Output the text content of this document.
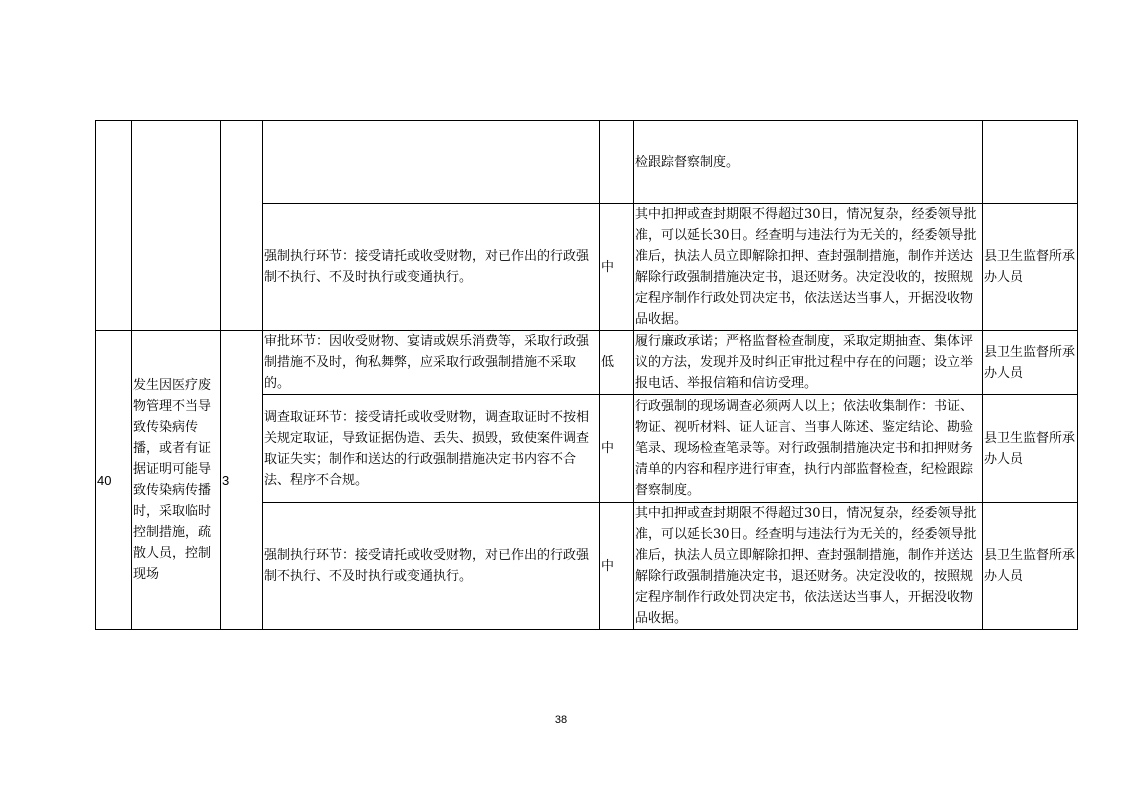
					检跟踪督察制度。	
			强制执行环节：接受请托或收受财物，对已作出的行政强制不执行、不及时执行或变通执行。	中	其中扣押或查封期限不得超过30日，情况复杂，经委领导批准，可以延长30日。经查明与违法行为无关的，经委领导批准后，执法人员立即解除扣押、查封强制措施，制作并送达解除行政强制措施决定书，退还财务。决定没收的，按照规定程序制作行政处罚决定书，依法送达当事人，开据没收物品收据。	县卫生监督所承办人员
40	发生因医疗废物管理不当导致传染病传播，或者有证据证明可能导致传染病传播时，采取临时控制措施，疏散人员，控制现场	3	审批环节：因收受财物、宴请或娱乐消费等，采取行政强制措施不及时，徇私舞弊，应采取行政强制措施不采取的。	低	履行廉政承诺；严格监督检查制度，采取定期抽查、集体评议的方法，发现并及时纠正审批过程中存在的问题；设立举报电话、举报信箱和信访受理。	县卫生监督所承办人员
			调查取证环节：接受请托或收受财物，调查取证时不按相关规定取证，导致证据伪造、丢失、损毁，致使案件调查取证失实；制作和送达的行政强制措施决定书内容不合法、程序不合规。	中	行政强制的现场调查必须两人以上；依法收集制作：书证、物证、视听材料、证人证言、当事人陈述、鉴定结论、勘验笔录、现场检查笔录等。对行政强制措施决定书和扣押财务清单的内容和程序进行审查，执行内部监督检查，纪检跟踪督察制度。	县卫生监督所承办人员
			强制执行环节：接受请托或收受财物，对已作出的行政强制不执行、不及时执行或变通执行。	中	其中扣押或查封期限不得超过30日，情况复杂，经委领导批准，可以延长30日。经查明与违法行为无关的，经委领导批准后，执法人员立即解除扣押、查封强制措施，制作并送达解除行政强制措施决定书，退还财务。决定没收的，按照规定程序制作行政处罚决定书，依法送达当事人，开据没收物品收据。	县卫生监督所承办人员
38
